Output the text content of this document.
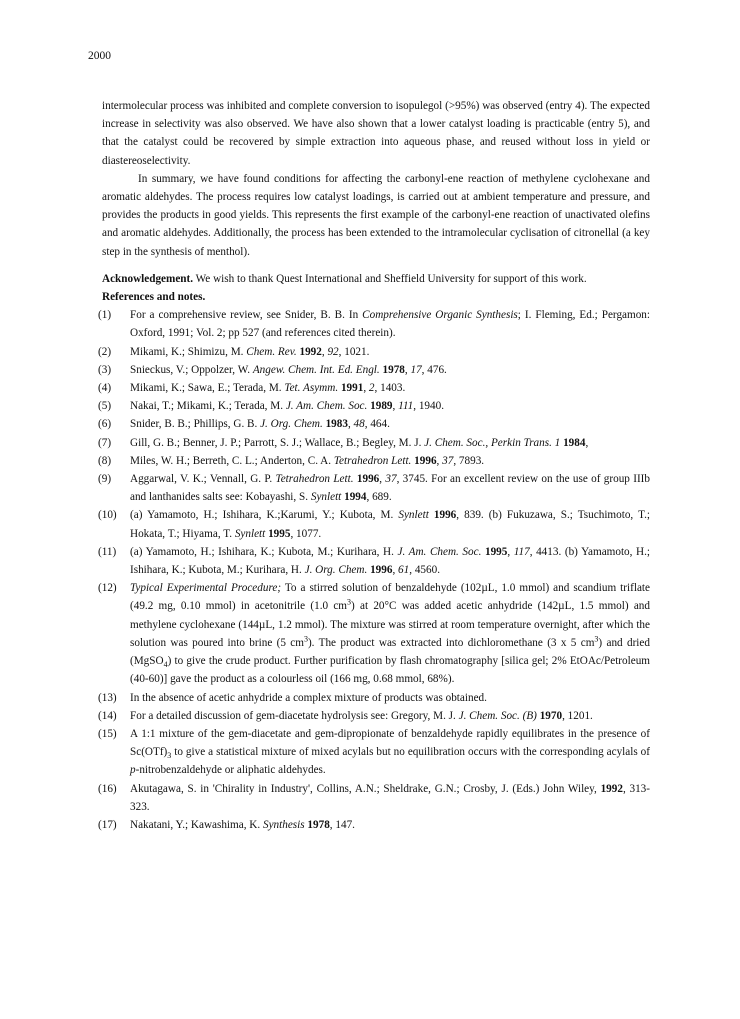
2000

intermolecular process was inhibited and complete conversion to isopulegol (>95%) was observed (entry 4). The expected increase in selectivity was also observed. We have also shown that a lower catalyst loading is practicable (entry 5), and that the catalyst could be recovered by simple extraction into aqueous phase, and reused without loss in yield or diastereoselectivity.

In summary, we have found conditions for affecting the carbonyl-ene reaction of methylene cyclohexane and aromatic aldehydes. The process requires low catalyst loadings, is carried out at ambient temperature and pressure, and provides the products in good yields. This represents the first example of the carbonyl-ene reaction of unactivated olefins and aromatic aldehydes. Additionally, the process has been extended to the intramolecular cyclisation of citronellal (a key step in the synthesis of menthol).

Acknowledgement. We wish to thank Quest International and Sheffield University for support of this work.

References and notes.

(1) For a comprehensive review, see Snider, B. B. In Comprehensive Organic Synthesis; I. Fleming, Ed.; Pergamon: Oxford, 1991; Vol. 2; pp 527 (and references cited therein).
(2) Mikami, K.; Shimizu, M. Chem. Rev. 1992, 92, 1021.
(3) Snieckus, V.; Oppolzer, W. Angew. Chem. Int. Ed. Engl. 1978, 17, 476.
(4) Mikami, K.; Sawa, E.; Terada, M. Tet. Asymm. 1991, 2, 1403.
(5) Nakai, T.; Mikami, K.; Terada, M. J. Am. Chem. Soc. 1989, 111, 1940.
(6) Snider, B. B.; Phillips, G. B. J. Org. Chem. 1983, 48, 464.
(7) Gill, G. B.; Benner, J. P.; Parrott, S. J.; Wallace, B.; Begley, M. J. J. Chem. Soc., Perkin Trans. 1 1984,
(8) Miles, W. H.; Berreth, C. L.; Anderton, C. A. Tetrahedron Lett. 1996, 37, 7893.
(9) Aggarwal, V. K.; Vennall, G. P. Tetrahedron Lett. 1996, 37, 3745. For an excellent review on the use of group IIIb and lanthanides salts see: Kobayashi, S. Synlett 1994, 689.
(10) (a) Yamamoto, H.; Ishihara, K.;Karumi, Y.; Kubota, M. Synlett 1996, 839. (b) Fukuzawa, S.; Tsuchimoto, T.; Hokata, T.; Hiyama, T. Synlett 1995, 1077.
(11) (a) Yamamoto, H.; Ishihara, K.; Kubota, M.; Kurihara, H. J. Am. Chem. Soc. 1995, 117, 4413. (b) Yamamoto, H.; Ishihara, K.; Kubota, M.; Kurihara, H. J. Org. Chem. 1996, 61, 4560.
(12) Typical Experimental Procedure; To a stirred solution of benzaldehyde (102µL, 1.0 mmol) and scandium triflate (49.2 mg, 0.10 mmol) in acetonitrile (1.0 $cm^3$) at 20°C was added acetic anhydride (142µL, 1.5 mmol) and methylene cyclohexane (144µL, 1.2 mmol). The mixture was stirred at room temperature overnight, after which the solution was poured into brine (5 $cm^3$). The product was extracted into dichloromethane (3 x 5 $cm^3$) and dried (MgSO$_4$) to give the crude product. Further purification by flash chromatography [silica gel; 2% EtOAc/Petroleum (40-60)] gave the product as a colourless oil (166 mg, 0.68 mmol, 68%).
(13) In the absence of acetic anhydride a complex mixture of products was obtained.
(14) For a detailed discussion of gem-diacetate hydrolysis see: Gregory, M. J. J. Chem. Soc. (B) 1970, 1201.
(15) A 1:1 mixture of the gem-diacetate and gem-dipropionate of benzaldehyde rapidly equilibrates in the presence of $Sc(OTf)_3$ to give a statistical mixture of mixed acylals but no equilibration occurs with the corresponding acylals of p-nitrobenzaldehyde or aliphatic aldehydes.
(16) Akutagawa, S. in 'Chirality in Industry', Collins, A.N.; Sheldrake, G.N.; Crosby, J. (Eds.) John Wiley, 1992, 313-323.
(17) Nakatani, Y.; Kawashima, K. Synthesis 1978, 147.
